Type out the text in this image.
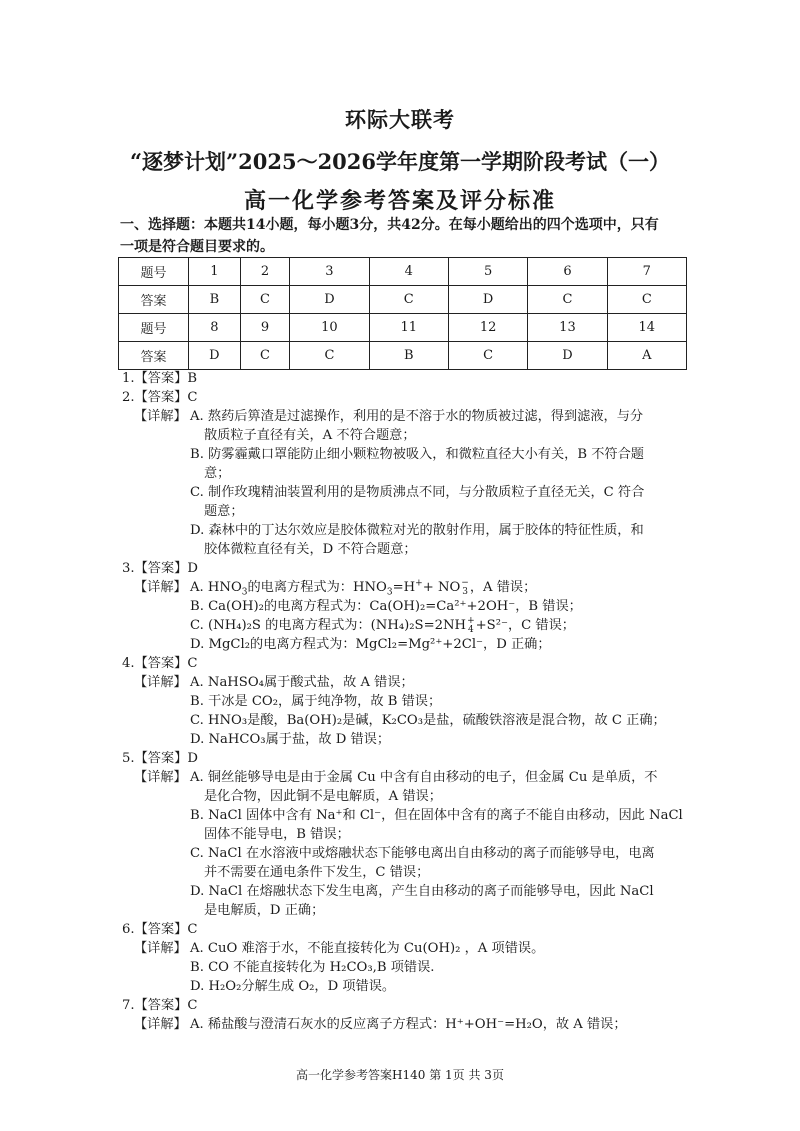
环际大联考
“逐梦计划”2025～2026学年度第一学期阶段考试（一）
高一化学参考答案及评分标准
一、选择题：本题共14小题，每小题3分，共42分。在每小题给出的四个选项中，只有
一项是符合题目要求的。
题号	1	2	3	4	5	6	7
答案	B	C	D	C	D	C	C
题号	8	9	10	11	12	13	14
答案	D	C	C	B	C	D	A
1.【答案】B
2.【答案】C
【详解】 A. 熬药后箅渣是过滤操作，利用的是不溶于水的物质被过滤，得到滤液，与分
散质粒子直径有关，A 不符合题意；
B. 防雾霾戴口罩能防止细小颗粒物被吸入，和微粒直径大小有关，B 不符合题
意；
C. 制作玫瑰精油装置利用的是物质沸点不同，与分散质粒子直径无关，C 符合
题意；
D. 森林中的丁达尔效应是胶体微粒对光的散射作用，属于胶体的特征性质，和
胶体微粒直径有关，D 不符合题意；
3.【答案】D
【详解】 A. $HNO_3$的电离方程式为：$HNO_3=H^++ NO-$
3 ，A 错误；
B. Ca(OH)₂的电离方程式为：Ca(OH)₂=Ca²⁺+2OH⁻，B 错误；
C. (NH₄)₂S 的电离方程式为：(NH₄)₂S=2NH+
4 +S²⁻，C 错误；
D. MgCl₂的电离方程式为：MgCl₂=Mg²⁺+2Cl⁻，D 正确；
4.【答案】C
【详解】 A. NaHSO₄属于酸式盐，故 A 错误；
B. 干冰是 CO₂，属于纯净物，故 B 错误；
C. HNO₃是酸，Ba(OH)₂是碱，K₂CO₃是盐，硫酸铁溶液是混合物，故 C 正确；
D. NaHCO₃属于盐，故 D 错误；
5.【答案】D
【详解】 A. 铜丝能够导电是由于金属 Cu 中含有自由移动的电子，但金属 Cu 是单质，不
是化合物，因此铜不是电解质，A 错误；
B. NaCl 固体中含有 Na⁺和 Cl⁻，但在固体中含有的离子不能自由移动，因此 NaCl
固体不能导电，B 错误；
C. NaCl 在水溶液中或熔融状态下能够电离出自由移动的离子而能够导电，电离
并不需要在通电条件下发生，C 错误；
D. NaCl 在熔融状态下发生电离，产生自由移动的离子而能够导电，因此 NaCl
是电解质，D 正确；
6.【答案】C
【详解】 A. CuO 难溶于水，不能直接转化为 Cu(OH)₂ ，A 项错误。
B. CO 不能直接转化为 H₂CO₃,B 项错误.
D. H₂O₂分解生成 O₂，D 项错误。
7.【答案】C
【详解】 A. 稀盐酸与澄清石灰水的反应离子方程式：H⁺+OH⁻=H₂O，故 A 错误；
高一化学参考答案H140 第 1页 共 3页
